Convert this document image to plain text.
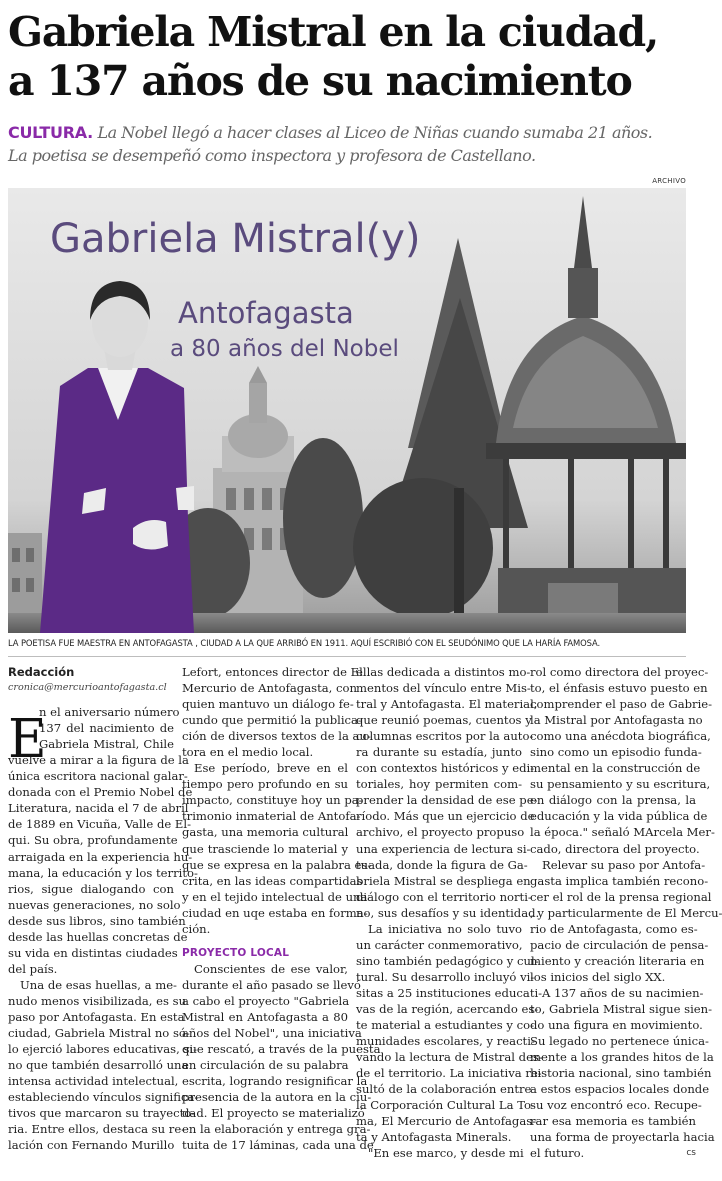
Gabriela Mistral en la ciudad,
a 137 años de su nacimiento
CULTURA. La Nobel llegó a hacer clases al Liceo de Niñas cuando sumaba 21 años.
La poetisa se desempeñó como inspectora y profesora de Castellano.
ARCHIVO
Gabriela Mistral(y)
Antofagasta
a 80 años del Nobel
LA POETISA FUE MAESTRA EN ANTOFAGASTA , CIUDAD A LA QUE ARRIBÓ EN 1911. AQUÍ ESCRIBIÓ CON EL SEUDÓNIMO QUE LA HARÍA FAMOSA.
Redacción
cronica@mercurioantofagasta.cl
E
n el aniversario número
137 del nacimiento de
Gabriela Mistral, Chile
vuelve a mirar a la figura de la
única escritora nacional galar-
donada con el Premio Nobel de
Literatura, nacida el 7 de abril
de 1889 en Vicuña, Valle de El-
qui. Su obra, profundamente
arraigada en la experiencia hu-
mana, la educación y los territo-
rios, sigue dialogando con
nuevas generaciones, no solo
desde sus libros, sino también
desde las huellas concretas de
su vida en distintas ciudades
del país.
Una de esas huellas, a me-
nudo menos visibilizada, es su
paso por Antofagasta. En esta
ciudad, Gabriela Mistral no só-
lo ejerció labores educativas, si-
no que también desarrolló una
intensa actividad intelectual,
estableciendo vínculos significa-
tivos que marcaron su trayecto-
ria. Entre ellos, destaca su re-
lación con Fernando Murillo
Lefort, entonces director de El
Mercurio de Antofagasta, con
quien mantuvo un diálogo fe-
cundo que permitió la publica-
ción de diversos textos de la au-
tora en el medio local.
Ese período, breve en el
tiempo pero profundo en su
impacto, constituye hoy un pa-
trimonio inmaterial de Antofa-
gasta, una memoria cultural
que trasciende lo material y
que se expresa en la palabra es-
crita, en las ideas compartidas
y en el tejido intelectual de una
ciudad en uqe estaba en forma-
ción.
PROYECTO LOCAL
Conscientes de ese valor,
durante el año pasado se llevó
a cabo el proyecto "Gabriela
Mistral en Antofagasta a 80
años del Nobel", una iniciativa
que rescató, a través de la puesta
en circulación de su palabra
escrita, logrando resignificar la
presencia de la autora en la ciu-
dad. El proyecto se materializó
en la elaboración y entrega gra-
tuita de 17 láminas, cada una de
ellas dedicada a distintos mo-
mentos del vínculo entre Mis-
tral y Antofagasta. El material,
que reunió poemas, cuentos y
columnas escritos por la auto-
ra durante su estadía, junto
con contextos históricos y edi-
toriales, hoy permiten com-
prender la densidad de ese pe-
ríodo. Más que un ejercicio de
archivo, el proyecto propuso
una experiencia de lectura si-
tuada, donde la figura de Ga-
briela Mistral se despliega en
diálogo con el territorio norti-
no, sus desafíos y su identidad.
La iniciativa no solo tuvo
un carácter conmemorativo,
sino también pedagógico y cul-
tural. Su desarrollo incluyó vi-
sitas a 25 instituciones educati-
vas de la región, acercando es-
te material a estudiantes y co-
munidades escolares, y reacti-
vando la lectura de Mistral des-
de el territorio. La iniciativa re-
sultó de la colaboración entre
la Corporación Cultural La To-
ma, El Mercurio de Antofagas-
ta y Antofagasta Minerals.
"En ese marco, y desde mi
rol como directora del proyec-
to, el énfasis estuvo puesto en
comprender el paso de Gabrie-
la Mistral por Antofagasta no
como una anécdota biográfica,
sino como un episodio funda-
mental en la construcción de
su pensamiento y su escritura,
en diálogo con la prensa, la
educación y la vida pública de
la época." señaló MArcela Mer-
cado, directora del proyecto.
Relevar su paso por Antofa-
gasta implica también recono-
cer el rol de la prensa regional
, y particularmente de El Mercu-
rio de Antofagasta, como es-
pacio de circulación de pensa-
miento y creación literaria en
los inicios del siglo XX.
A 137 años de su nacimien-
to, Gabriela Mistral sigue sien-
do una figura en movimiento.
Su legado no pertenece única-
mente a los grandes hitos de la
historia nacional, sino también
a estos espacios locales donde
su voz encontró eco. Recupe-
rar esa memoria es también
una forma de proyectarla hacia
el futuro.	cs
